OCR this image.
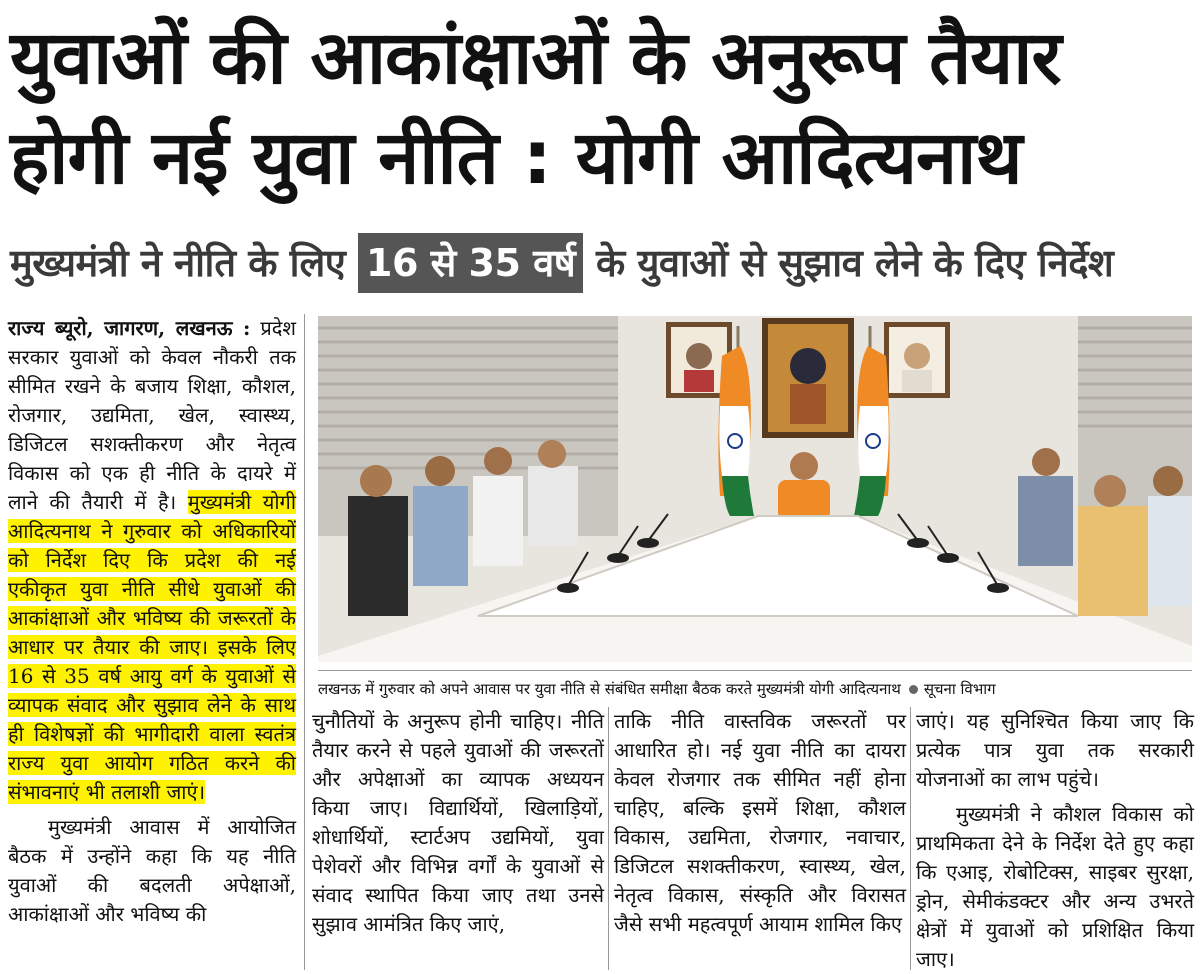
युवाओं की आकांक्षाओं के अनुरूप तैयार
होगी नई युवा नीति : योगी आदित्यनाथ
मुख्यमंत्री ने नीति के लिए 16 से 35 वर्ष के युवाओं से सुझाव लेने के दिए निर्देश

राज्य ब्यूरो, जागरण, लखनऊ : प्रदेश सरकार युवाओं को केवल नौकरी तक सीमित रखने के बजाय शिक्षा, कौशल, रोजगार, उद्यमिता, खेल, स्वास्थ्य, डिजिटल सशक्तीकरण और नेतृत्व विकास को एक ही नीति के दायरे में लाने की तैयारी में है। मुख्यमंत्री योगी आदित्यनाथ ने गुरुवार को अधिकारियों को निर्देश दिए कि प्रदेश की नई एकीकृत युवा नीति सीधे युवाओं की आकांक्षाओं और भविष्य की जरूरतों के आधार पर तैयार की जाए। इसके लिए 16 से 35 वर्ष आयु वर्ग के युवाओं से व्यापक संवाद और सुझाव लेने के साथ ही विशेषज्ञों की भागीदारी वाला स्वतंत्र राज्य युवा आयोग गठित करने की संभावनाएं भी तलाशी जाएं।

मुख्यमंत्री आवास में आयोजित बैठक में उन्होंने कहा कि यह नीति युवाओं की बदलती अपेक्षाओं, आकांक्षाओं और भविष्य की

लखनऊ में गुरुवार को अपने आवास पर युवा नीति से संबंधित समीक्षा बैठक करते मुख्यमंत्री योगी आदित्यनाथ सूचना विभाग

चुनौतियों के अनुरूप होनी चाहिए। नीति तैयार करने से पहले युवाओं की जरूरतों और अपेक्षाओं का व्यापक अध्ययन किया जाए। विद्यार्थियों, खिलाड़ियों, शोधार्थियों, स्टार्टअप उद्यमियों, युवा पेशेवरों और विभिन्न वर्गों के युवाओं से संवाद स्थापित किया जाए तथा उनसे सुझाव आमंत्रित किए जाएं,

ताकि नीति वास्तविक जरूरतों पर आधारित हो। नई युवा नीति का दायरा केवल रोजगार तक सीमित नहीं होना चाहिए, बल्कि इसमें शिक्षा, कौशल विकास, उद्यमिता, रोजगार, नवाचार, डिजिटल सशक्तीकरण, स्वास्थ्य, खेल, नेतृत्व विकास, संस्कृति और विरासत जैसे सभी महत्वपूर्ण आयाम शामिल किए

जाएं। यह सुनिश्चित किया जाए कि प्रत्येक पात्र युवा तक सरकारी योजनाओं का लाभ पहुंचे।

मुख्यमंत्री ने कौशल विकास को प्राथमिकता देने के निर्देश देते हुए कहा कि एआइ, रोबोटिक्स, साइबर सुरक्षा, ड्रोन, सेमीकंडक्टर और अन्य उभरते क्षेत्रों में युवाओं को प्रशिक्षित किया जाए।
